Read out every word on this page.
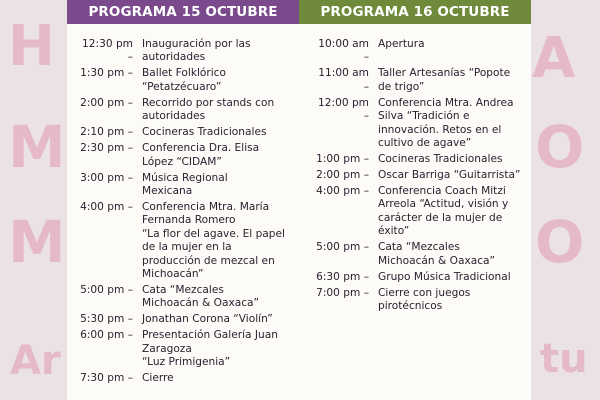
H
M
M
Ar
A
O
O
tu
PROGRAMA 15 OCTUBRE	PROGRAMA 16 OCTUBRE
12:30 pm –
Inauguración por las
autoridades
1:30 pm – Ballet Folklórico
“Petatzécuaro”
2:00 pm – Recorrido por stands con
autoridades
2:10 pm – Cocineras Tradicionales
2:30 pm – Conferencia Dra. Elisa
López “CIDAM”
3:00 pm – Música Regional
Mexicana
4:00 pm – Conferencia Mtra. María
Fernanda Romero
“La flor del agave. El papel
de la mujer en la
producción de mezcal en
Michoacán”
5:00 pm – Cata “Mezcales
Michoacán & Oaxaca”
5:30 pm – Jonathan Corona “Violín”
6:00 pm – Presentación Galería Juan
Zaragoza
“Luz Primigenia”
7:30 pm – Cierre
10:00 am –
Apertura
11:00 am –
Taller Artesanías “Popote
de trigo”
12:00 pm –
Conferencia Mtra. Andrea
Silva “Tradición e
innovación. Retos en el
cultivo de agave”
1:00 pm – Cocineras Tradicionales
2:00 pm – Oscar Barriga “Guitarrista”
4:00 pm – Conferencia Coach Mitzi
Arreola “Actitud, visión y
carácter de la mujer de
éxito”
5:00 pm – Cata “Mezcales
Michoacán & Oaxaca”
6:30 pm – Grupo Música Tradicional
7:00 pm – Cierre con juegos
pirotécnicos
